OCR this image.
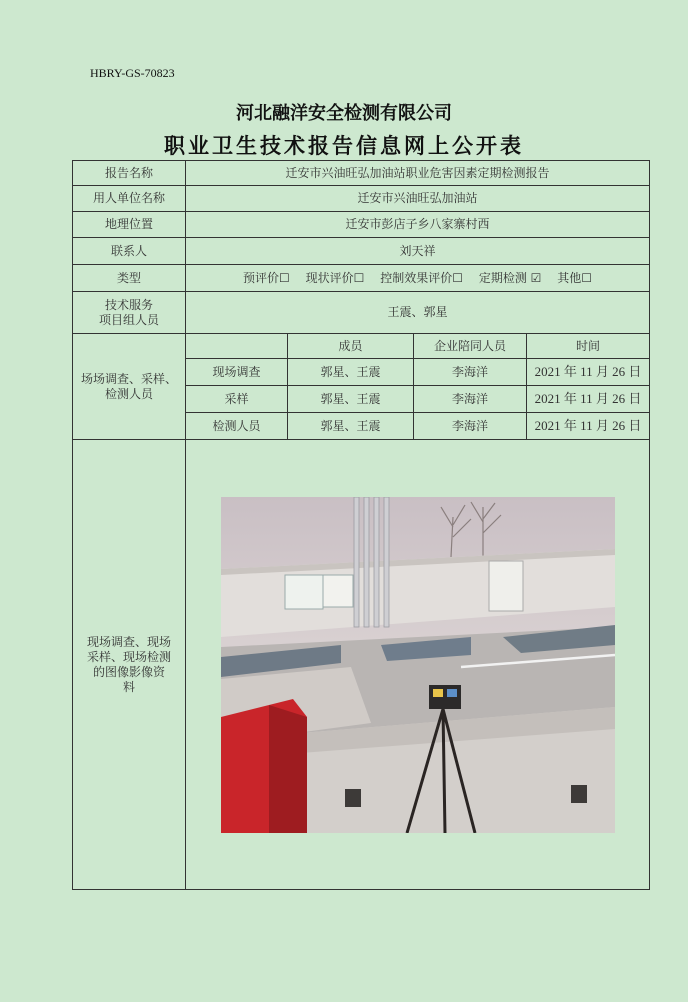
HBRY-GS-70823
河北融洋安全检测有限公司
职业卫生技术报告信息网上公开表
报告名称	迁安市兴油旺弘加油站职业危害因素定期检测报告			
用人单位名称	迁安市兴油旺弘加油站			
地理位置	迁安市彭店子乡八家寨村西			
联系人	刘天祥			
类型	预评价☐ 现状评价☐ 控制效果评价☐ 定期检测 ☑ 其他☐			
技术服务
项目组人员	王震、郭星			
场场调查、采样、
检测人员		成员	企业陪同人员	时间
	现场调查	郭星、王震	李海洋	2021 年 11 月 26 日
	采样	郭星、王震	李海洋	2021 年 11 月 26 日
	检测人员	郭星、王震	李海洋	2021 年 11 月 26 日
现场调查、现场
采样、现场检测
的图像影像资
料	
